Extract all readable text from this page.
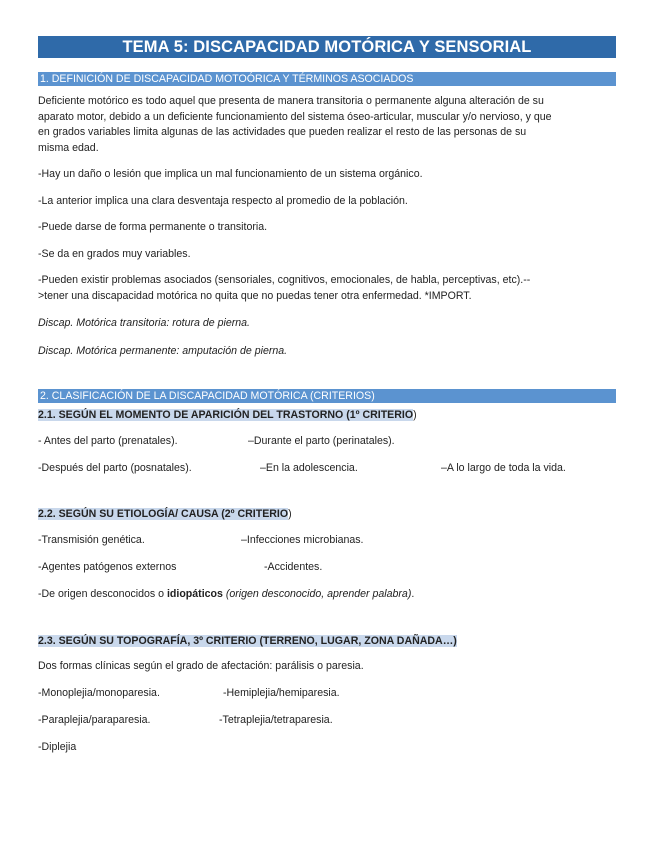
TEMA 5: DISCAPACIDAD MOTÓRICA Y SENSORIAL
1. DEFINICIÓN DE DISCAPACIDAD MOTOÓRICA Y TÉRMINOS ASOCIADOS

Deficiente motórico es todo aquel que presenta de manera transitoria o permanente alguna alteración de su

aparato motor, debido a un deficiente funcionamiento del sistema óseo-articular, muscular y/o nervioso, y que

en grados variables limita algunas de las actividades que pueden realizar el resto de las personas de su

misma edad.

-Hay un daño o lesión que implica un mal funcionamiento de un sistema orgánico.

-La anterior implica una clara desventaja respecto al promedio de la población.

-Puede darse de forma permanente o transitoria.

-Se da en grados muy variables.

-Pueden existir problemas asociados (sensoriales, cognitivos, emocionales, de habla, perceptivas, etc).--

>tener una discapacidad motórica no quita que no puedas tener otra enfermedad. *IMPORT.

Discap. Motórica transitoria: rotura de pierna.

Discap. Motórica permanente: amputación de pierna.

2. CLASIFICACIÓN DE LA DISCAPACIDAD MOTÓRICA (CRITERIOS)
2.1. SEGÚN EL MOMENTO DE APARICIÓN DEL TRASTORNO (1º CRITERIO)
- Antes del parto (prenatales).	–Durante el parto (perinatales).
-Después del parto (posnatales).	–En la adolescencia.	–A lo largo de toda la vida.
2.2. SEGÚN SU ETIOLOGÍA/ CAUSA (2º CRITERIO)
-Transmisión genética.	–Infecciones microbianas.
-Agentes patógenos externos	-Accidentes.
-De origen desconocidos o idiopáticos (origen desconocido, aprender palabra).
2.3. SEGÚN SU TOPOGRAFÍA, 3º CRITERIO (TERRENO, LUGAR, ZONA DAÑADA…)

Dos formas clínicas según el grado de afectación: parálisis o paresia.

-Monoplejia/monoparesia.	-Hemiplejia/hemiparesia.
-Paraplejia/paraparesia.	-Tetraplejia/tetraparesia.
-Diplejia
